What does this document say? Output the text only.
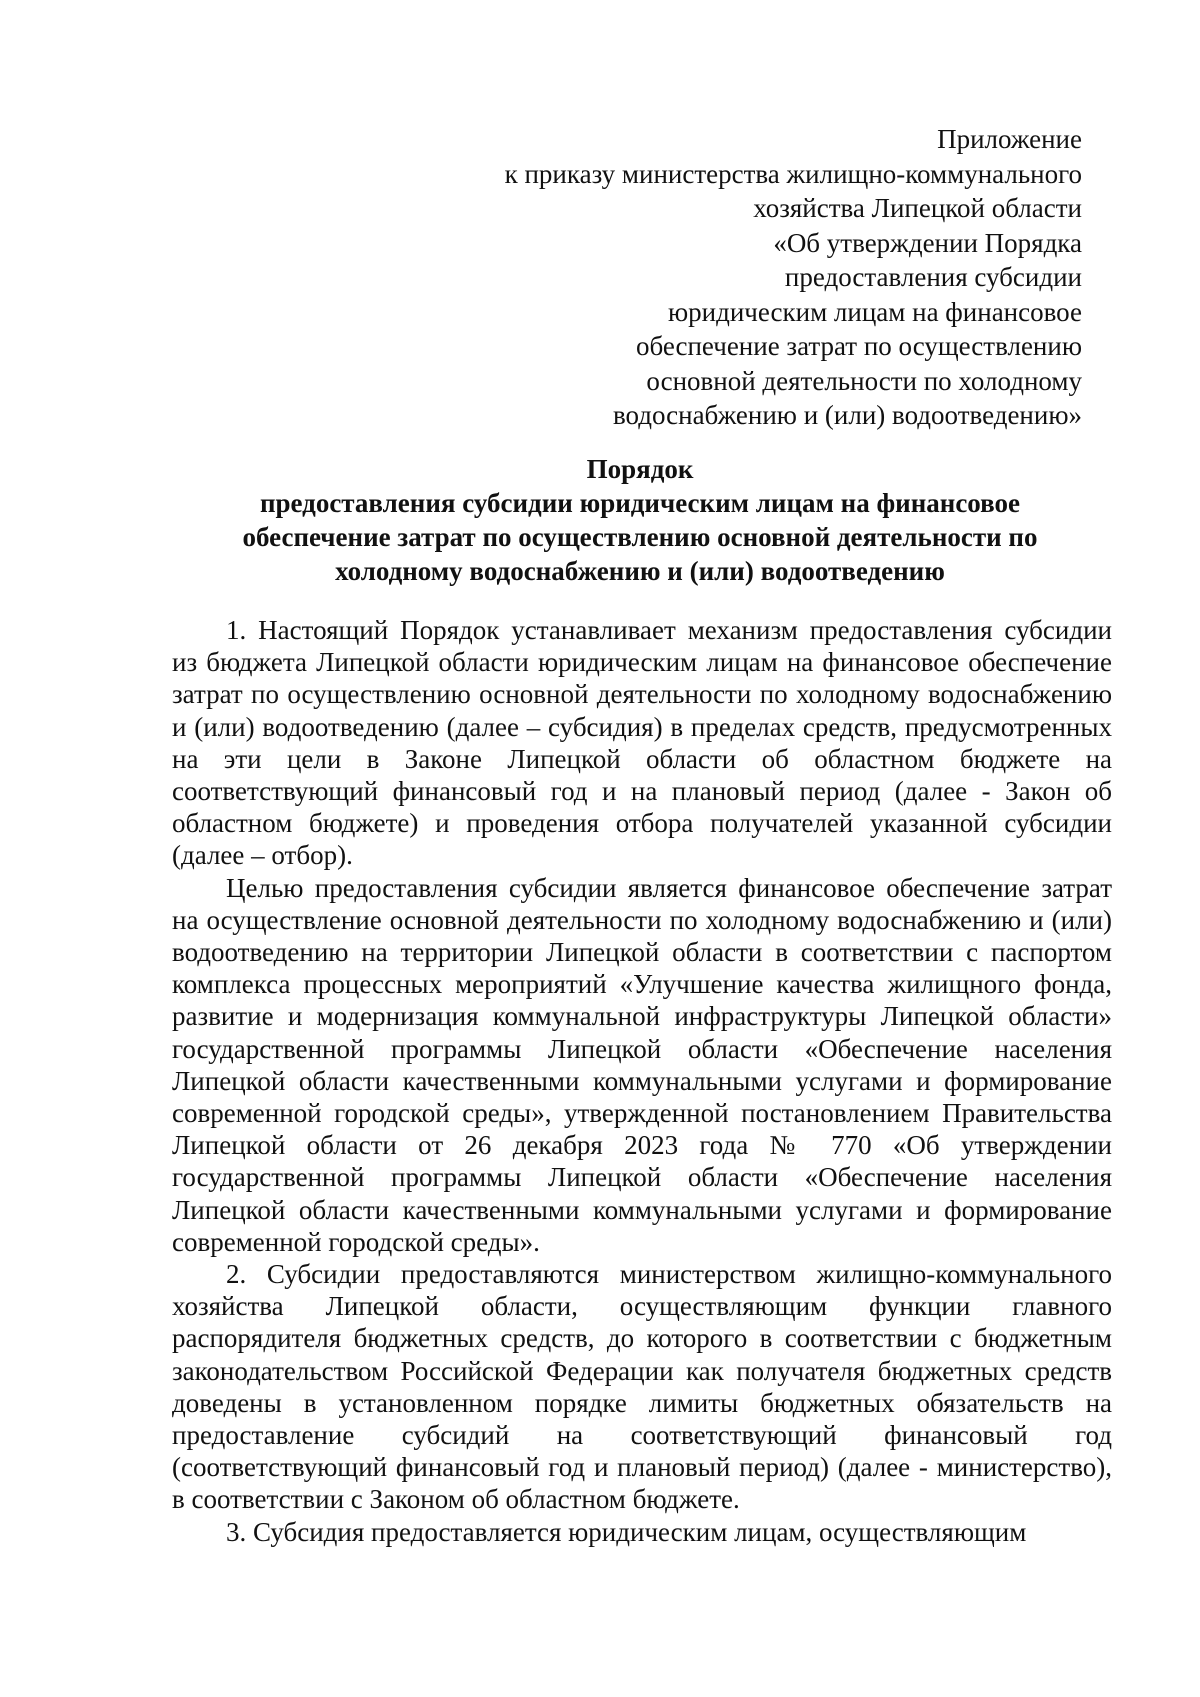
Приложение
к приказу министерства жилищно-коммунального
хозяйства Липецкой области
«Об утверждении Порядка
предоставления субсидии
юридическим лицам на финансовое
обеспечение затрат по осуществлению
основной деятельности по холодному
водоснабжению и (или) водоотведению»
Порядок
предоставления субсидии юридическим лицам на финансовое
обеспечение затрат по осуществлению основной деятельности по
холодному водоснабжению и (или) водоотведению

1. Настоящий Порядок устанавливает механизм предоставления субсидии из бюджета Липецкой области юридическим лицам на финансовое обеспечение затрат по осуществлению основной деятельности по холодному водоснабжению и (или) водоотведению (далее – субсидия) в пределах средств, предусмотренных на эти цели в Законе Липецкой области об областном бюджете на соответствующий финансовый год и на плановый период (далее - Закон об областном бюджете) и проведения отбора получателей указанной субсидии (далее – отбор).

Целью предоставления субсидии является финансовое обеспечение затрат на осуществление основной деятельности по холодному водоснабжению и (или) водоотведению на территории Липецкой области в соответствии с паспортом комплекса процессных мероприятий «Улучшение качества жилищного фонда, развитие и модернизация коммунальной инфраструктуры Липецкой области» государственной программы Липецкой области «Обеспечение населения Липецкой области качественными коммунальными услугами и формирование современной городской среды», утвержденной постановлением Правительства Липецкой области от 26 декабря 2023 года № 770 «Об утверждении государственной программы Липецкой области «Обеспечение населения Липецкой области качественными коммунальными услугами и формирование современной городской среды».

2. Субсидии предоставляются министерством жилищно-коммунального хозяйства Липецкой области, осуществляющим функции главного распорядителя бюджетных средств, до которого в соответствии с бюджетным законодательством Российской Федерации как получателя бюджетных средств доведены в установленном порядке лимиты бюджетных обязательств на предоставление субсидий на соответствующий финансовый год (соответствующий финансовый год и плановый период) (далее - министерство), в соответствии с Законом об областном бюджете.

3. Субсидия предоставляется юридическим лицам, осуществляющим
